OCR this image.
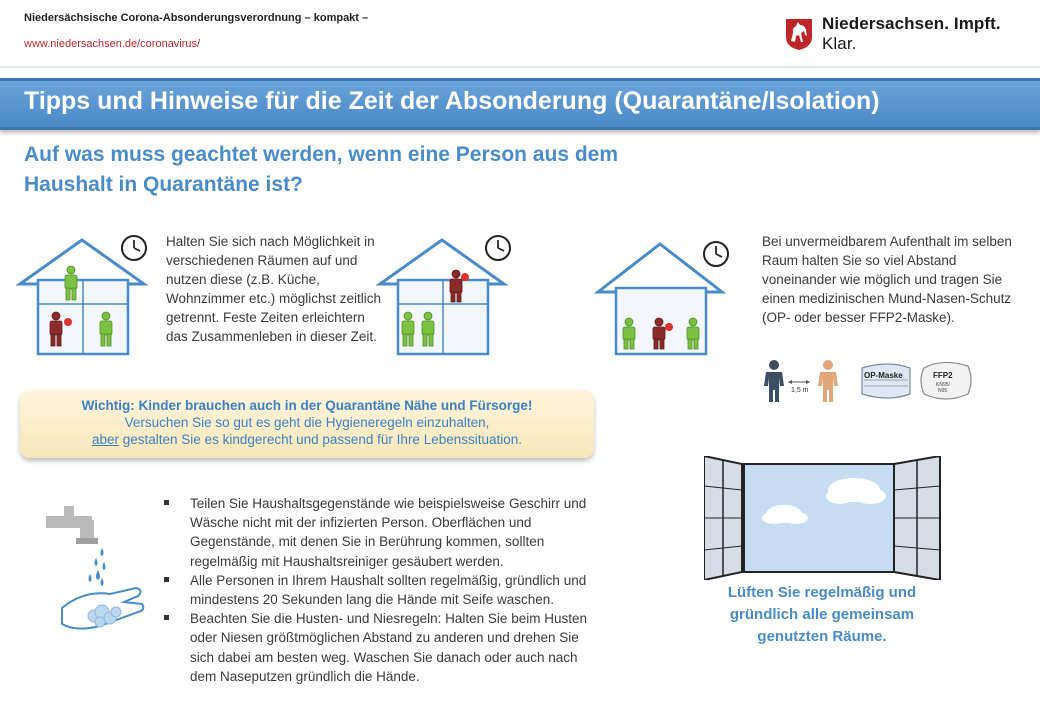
Niedersächsische Corona-Absonderungsverordnung – kompakt –
www.niedersachsen.de/coronavirus/
Niedersachsen. Impft. Klar.
Tipps und Hinweise für die Zeit der Absonderung (Quarantäne/Isolation)
Auf was muss geachtet werden, wenn eine Person aus dem
Haushalt in Quarantäne ist?
Halten Sie sich nach Möglichkeit in verschiedenen Räumen auf und nutzen diese (z.B. Küche, Wohnzimmer etc.) möglichst zeitlich getrennt. Feste Zeiten erleichtern das Zusammenleben in dieser Zeit.
Bei unvermeidbarem Aufenthalt im selben Raum halten Sie so viel Abstand voneinander wie möglich und tragen Sie einen medizinischen Mund-Nasen-Schutz (OP- oder besser FFP2-Maske).
1,5 m
OP-Maske	FFP2
KN95/
N95
Wichtig: Kinder brauchen auch in der Quarantäne Nähe und Fürsorge!
Versuchen Sie so gut es geht die Hygieneregeln einzuhalten,
aber gestalten Sie es kindgerecht und passend für Ihre Lebenssituation.
Teilen Sie Haushaltsgegenstände wie beispielsweise Geschirr und Wäsche nicht mit der infizierten Person. Oberflächen und Gegenstände, mit denen Sie in Berührung kommen, sollten regelmäßig mit Haushaltsreiniger gesäubert werden.
Alle Personen in Ihrem Haushalt sollten regelmäßig, gründlich und mindestens 20 Sekunden lang die Hände mit Seife waschen.
Beachten Sie die Husten- und Niesregeln: Halten Sie beim Husten oder Niesen größtmöglichen Abstand zu anderen und drehen Sie sich dabei am besten weg. Waschen Sie danach oder auch nach dem Naseputzen gründlich die Hände.
Lüften Sie regelmäßig und gründlich alle gemeinsam genutzten Räume.
